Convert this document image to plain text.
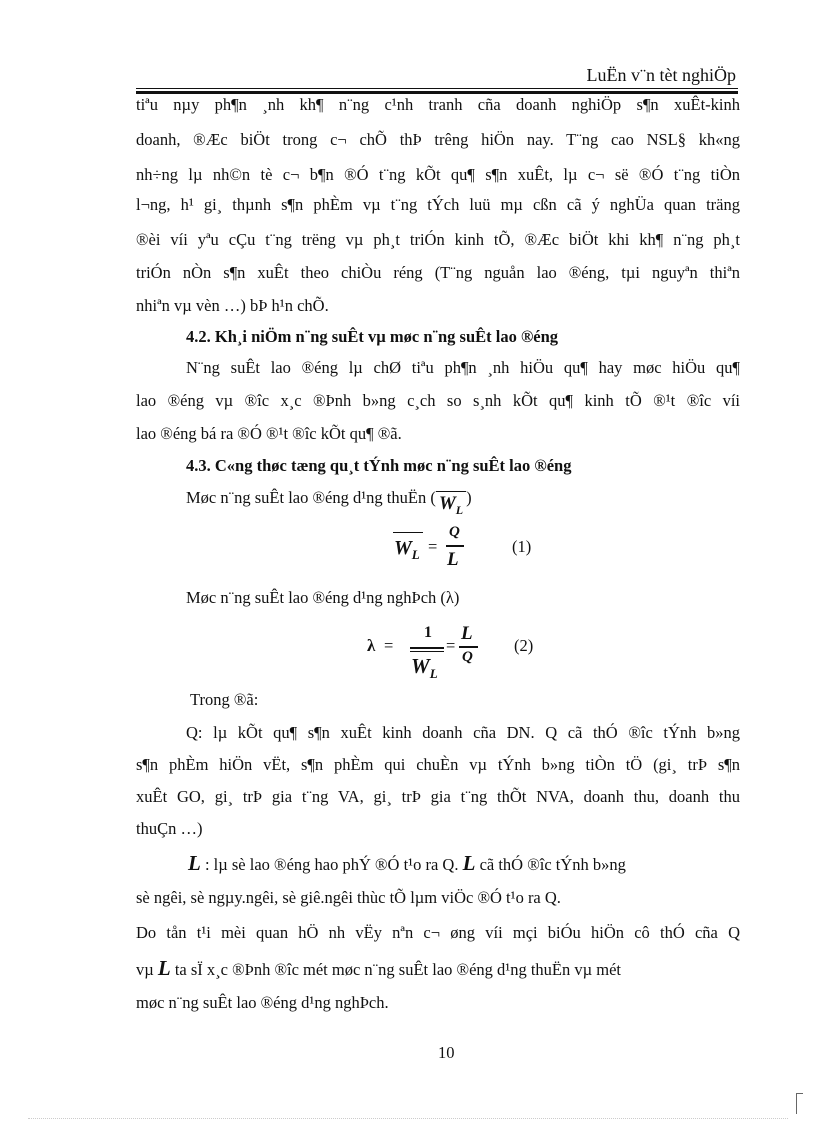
LuËn v¨n tèt nghiÖp
tiªu nµy ph¶n ¸nh kh¶ n¨ng c¹nh tranh cña doanh nghiÖp s¶n xuÊt-kinh
doanh, ®Æc biÖt trong c¬ chÕ thÞ trêng hiÖn nay. T¨ng cao NSL§ kh«ng
nh÷ng lµ nh©n tè c¬ b¶n ®Ó t¨ng kÕt qu¶ s¶n xuÊt, lµ c¬ së ®Ó t¨ng tiÒn
l¬ng, h¹ gi¸ thµnh s¶n phÈm vµ t¨ng tÝch luü mµ cßn cã ý nghÜa quan träng
®èi víi yªu cÇu t¨ng trëng vµ ph¸t triÓn kinh tÕ, ®Æc biÖt khi kh¶ n¨ng ph¸t
triÓn nÒn s¶n xuÊt theo chiÒu réng (T¨ng nguån lao ®éng, tµi nguyªn thiªn
nhiªn vµ vèn …) bÞ h¹n chÕ.
4.2. Kh¸i niÖm n¨ng suÊt vµ møc n¨ng suÊt lao ®éng
N¨ng suÊt lao ®éng lµ chØ tiªu ph¶n ¸nh hiÖu qu¶ hay møc hiÖu qu¶
lao ®éng vµ ®îc x¸c ®Þnh b»ng c¸ch so s¸nh kÕt qu¶ kinh tÕ ®¹t ®îc víi
lao ®éng bá ra ®Ó ®¹t ®îc kÕt qu¶ ®ã.
4.3. C«ng thøc tæng qu¸t tÝnh møc n¨ng suÊt lao ®éng
Møc n¨ng suÊt lao ®éng d¹ng thuËn ( $W_L$)
$W_L$ =
Q
L
(1)
Møc n¨ng suÊt lao ®éng d¹ng nghÞch (λ)
λ =
1
$W_L$
=
L
Q
(2)
Trong ®ã:
Q: lµ kÕt qu¶ s¶n xuÊt kinh doanh cña DN. Q cã thÓ ®îc tÝnh b»ng
s¶n phÈm hiÖn vËt, s¶n phÈm qui chuÈn vµ tÝnh b»ng tiÒn tÖ (gi¸ trÞ s¶n
xuÊt GO, gi¸ trÞ gia t¨ng VA, gi¸ trÞ gia t¨ng thÕt NVA, doanh thu, doanh thu
thuÇn …)
L : lµ sè lao ®éng hao phÝ ®Ó t¹o ra Q. L cã thÓ ®îc tÝnh b»ng
sè ngêi, sè ngµy.ngêi, sè giê.ngêi thùc tÕ lµm viÖc ®Ó t¹o ra Q.
Do tån t¹i mèi quan hÖ nh vËy nªn c¬ øng víi mçi biÓu hiÖn cô thÓ cña Q
vµ L ta sÏ x¸c ®Þnh ®îc mét møc n¨ng suÊt lao ®éng d¹ng thuËn vµ mét
møc n¨ng suÊt lao ®éng d¹ng nghÞch.
10
